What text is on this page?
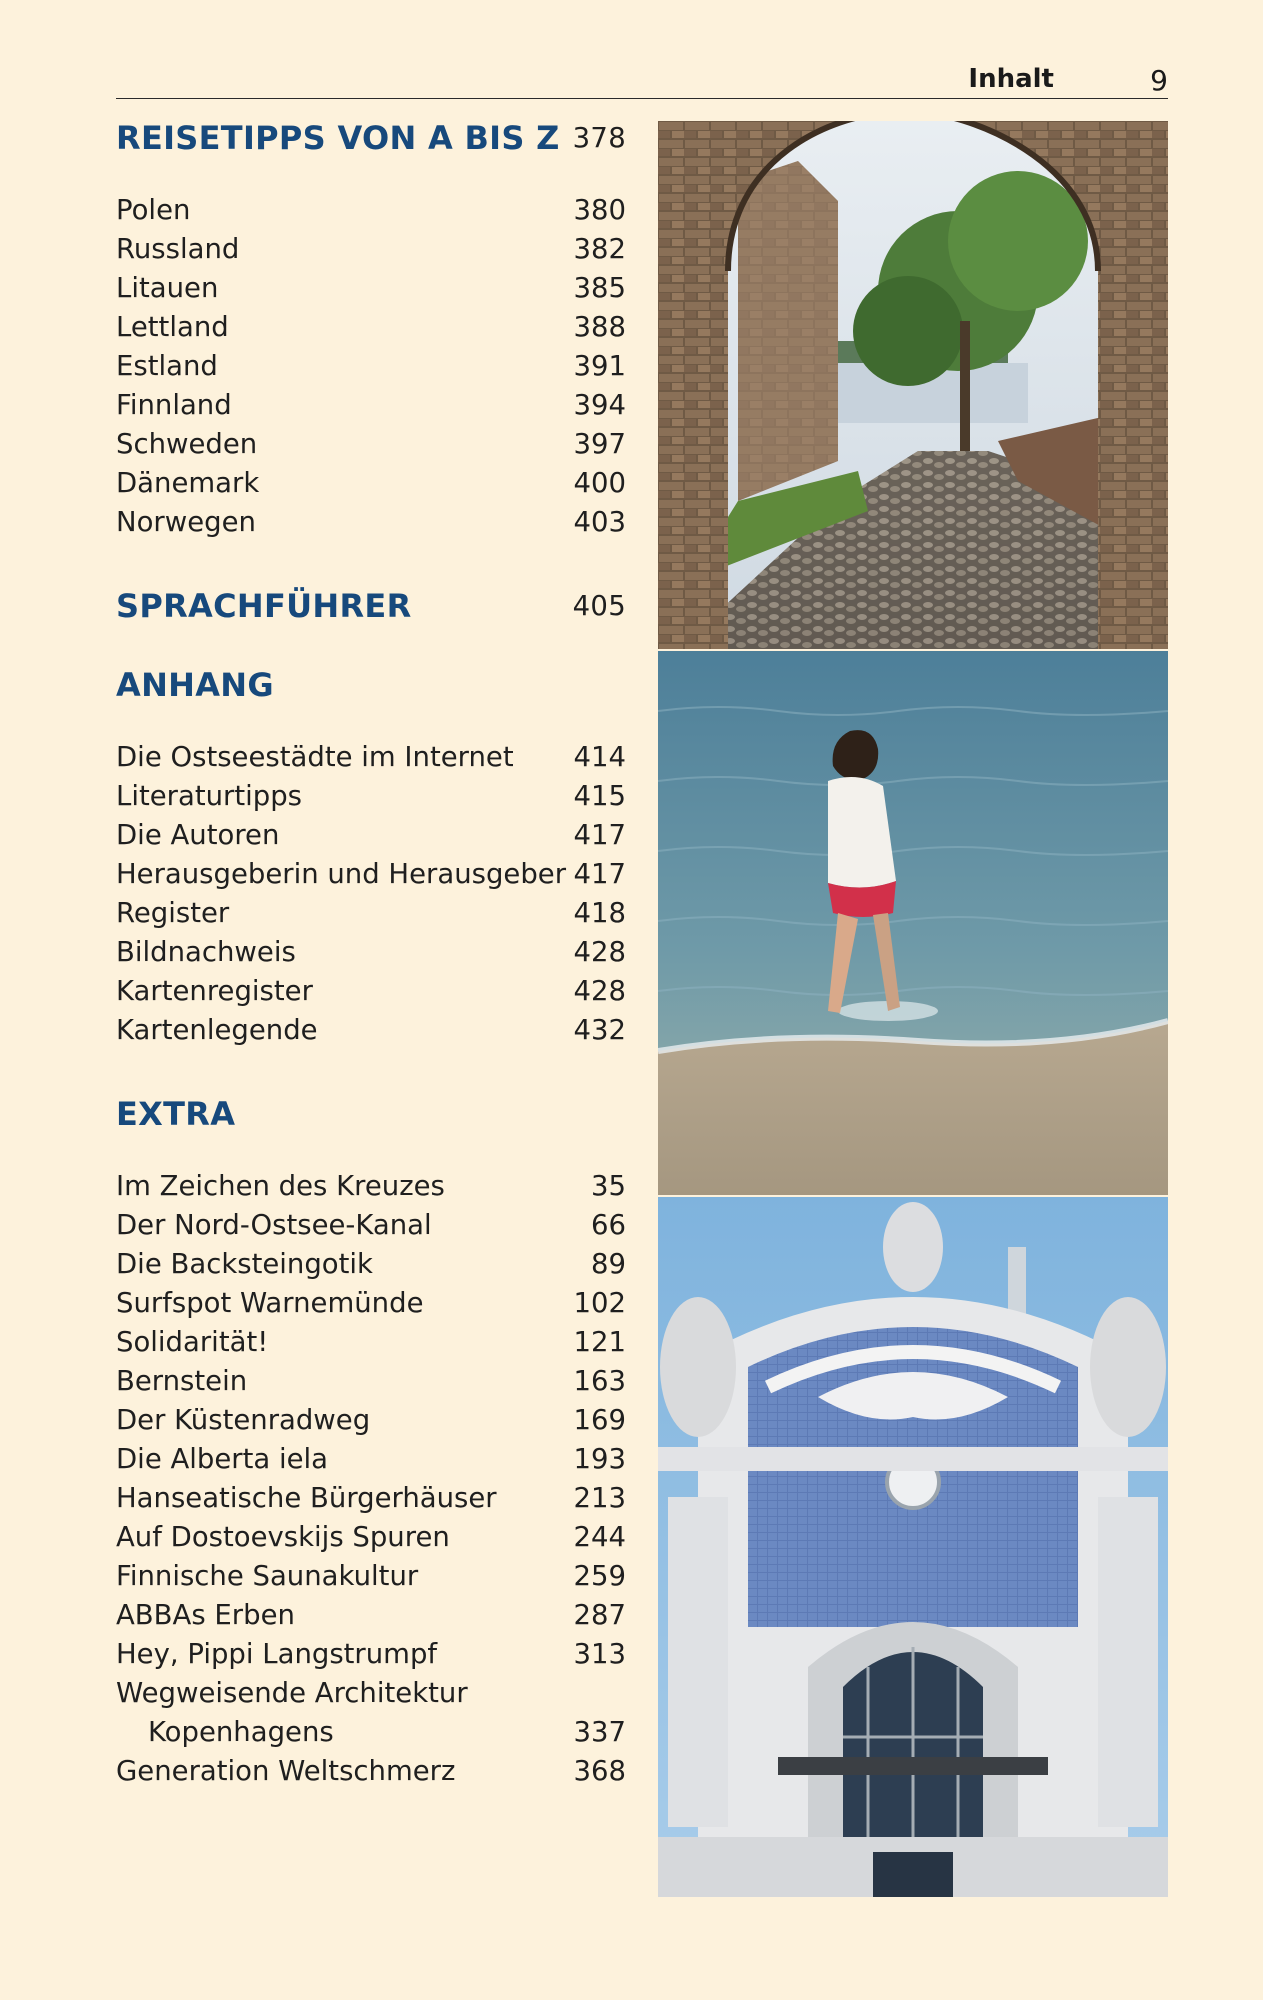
Inhalt	9
REISETIPPS VON A BIS Z 378
Polen	380
Russland	382
Litauen	385
Lettland	388
Estland	391
Finnland	394
Schweden	397
Dänemark	400
Norwegen	403
SPRACHFÜHRER	405
ANHANG
Die Ostseestädte im Internet 414
Literaturtipps	415
Die Autoren	417
Herausgeberin und Herausgeber 417
Register	418
Bildnachweis	428
Kartenregister	428
Kartenlegende	432
EXTRA
Im Zeichen des Kreuzes	35
Der Nord-Ostsee-Kanal	66
Die Backsteingotik	89
Surfspot Warnemünde	102
Solidarität!	121
Bernstein	163
Der Küstenradweg	169
Die Alberta iela	193
Hanseatische Bürgerhäuser	213
Auf Dostoevskijs Spuren	244
Finnische Saunakultur	259
ABBAs Erben	287
Hey, Pippi Langstrumpf	313
Wegweisende Architektur
Kopenhagens	337
Generation Weltschmerz	368
